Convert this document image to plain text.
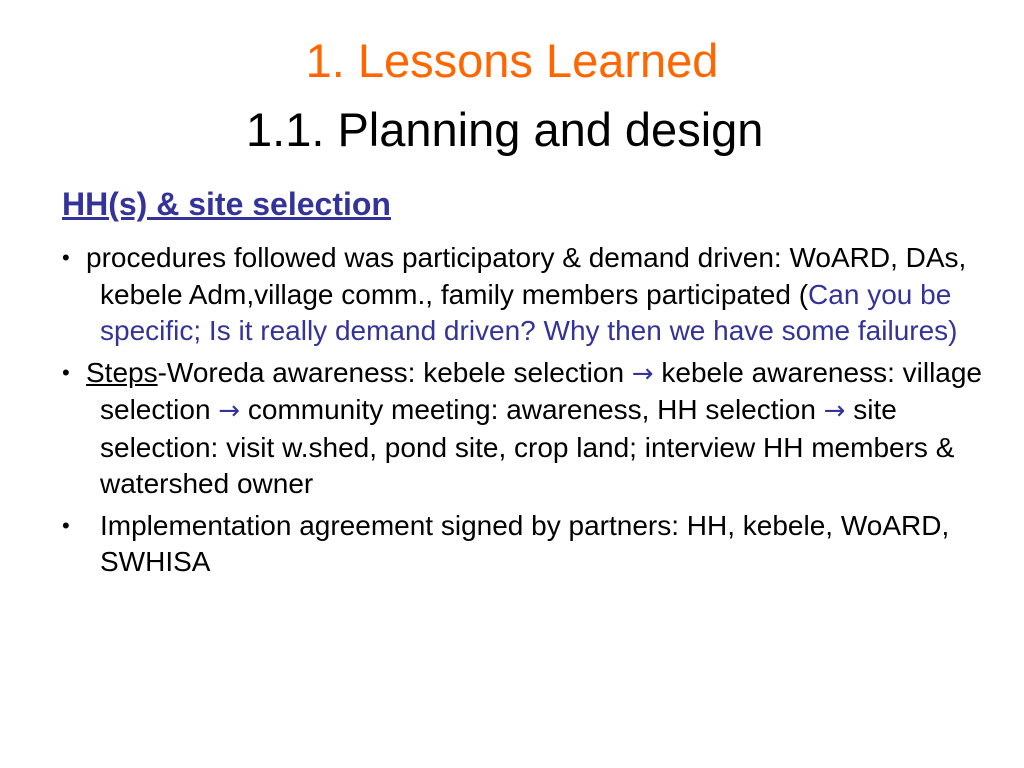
1. Lessons Learned
1.1. Planning and design
HH(s) & site selection
• procedures followed was participatory & demand driven: WoARD, DAs, kebele Adm,village comm., family members participated (Can you be specific; Is it really demand driven? Why then we have some failures)
• Steps-Woreda awareness: kebele selection → kebele awareness: village selection → community meeting: awareness, HH selection → site selection: visit w.shed, pond site, crop land; interview HH members & watershed owner
•	Implementation agreement signed by partners: HH, kebele, WoARD, SWHISA
